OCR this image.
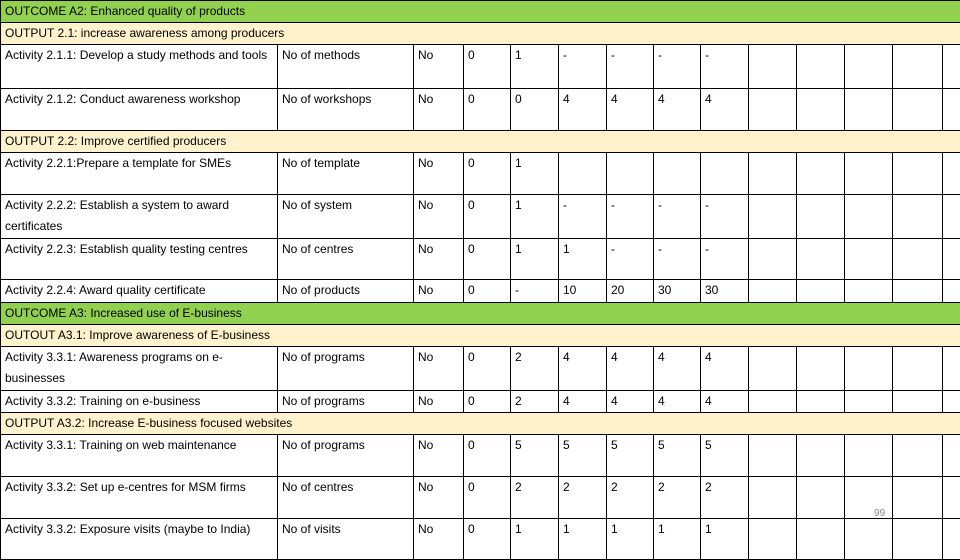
OUTCOME A2: Enhanced quality of products													
OUTPUT 2.1: increase awareness among producers													
Activity 2.1.1: Develop a study methods and tools	No of methods	No	0	1	-	-	-	-					
Activity 2.1.2: Conduct awareness workshop	No of workshops	No	0	0	4	4	4	4					
OUTPUT 2.2: Improve certified producers													
Activity 2.2.1:Prepare a template for SMEs	No of template	No	0	1									
Activity 2.2.2: Establish a system to award certificates	No of system	No	0	1	-	-	-	-					
Activity 2.2.3: Establish quality testing centres	No of centres	No	0	1	1	-	-	-					
Activity 2.2.4: Award quality certificate	No of products	No	0	-	10	20	30	30					
OUTCOME A3: Increased use of E-business													
OUTOUT A3.1: Improve awareness of E-business													
Activity 3.3.1: Awareness programs on e-businesses	No of programs	No	0	2	4	4	4	4					
Activity 3.3.2: Training on e-business	No of programs	No	0	2	4	4	4	4					
OUTPUT A3.2: Increase E-business focused websites													
Activity 3.3.1: Training on web maintenance	No of programs	No	0	5	5	5	5	5					
Activity 3.3.2: Set up e-centres for MSM firms	No of centres	No	0	2	2	2	2	2					
Activity 3.3.2: Exposure visits (maybe to India)	No of visits	No	0	1	1	1	1	1					
99
